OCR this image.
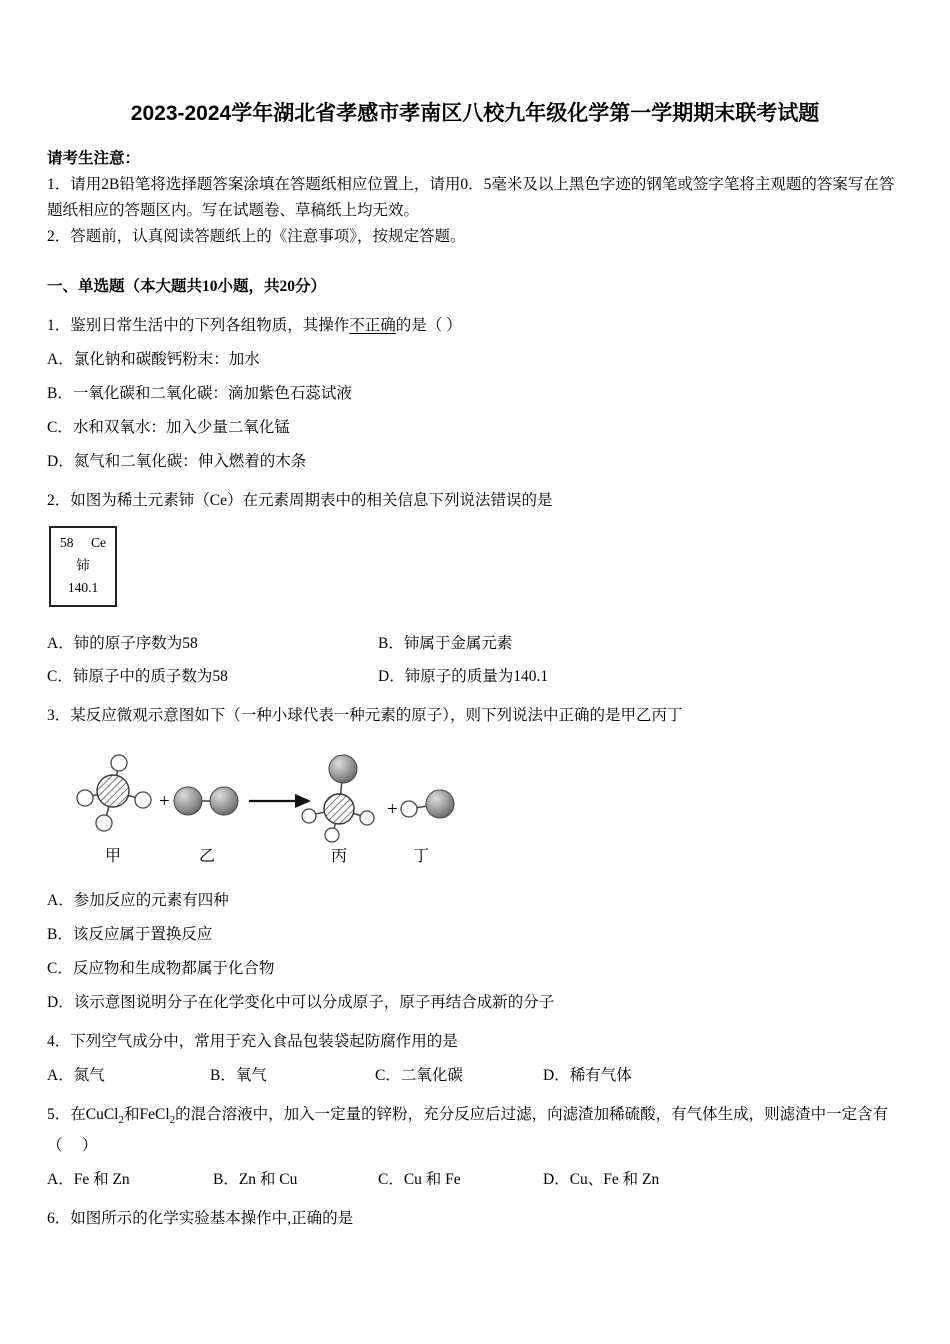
2023-2024学年湖北省孝感市孝南区八校九年级化学第一学期期末联考试题

请考生注意：

1．请用2B铅笔将选择题答案涂填在答题纸相应位置上，请用0．5毫米及以上黑色字迹的钢笔或签字笔将主观题的答案写在答题纸相应的答题区内。写在试题卷、草稿纸上均无效。

2．答题前，认真阅读答题纸上的《注意事项》，按规定答题。

一、单选题（本大题共10小题，共20分）

1．鉴别日常生活中的下列各组物质，其操作不正确的是（ ）

A．氯化钠和碳酸钙粉末：加水

B．一氧化碳和二氧化碳：滴加紫色石蕊试液

C．水和双氧水：加入少量二氧化锰

D．氮气和二氧化碳：伸入燃着的木条

2．如图为稀土元素铈（Ce）在元素周期表中的相关信息下列说法错误的是

58 Ce
铈
140.1
A．铈的原子序数为58	B．铈属于金属元素
C．铈原子中的质子数为58	D．铈原子的质量为140.1

3．某反应微观示意图如下（一种小球代表一种元素的原子），则下列说法中正确的是甲乙丙丁

+	+
甲	乙	丙	丁

A．参加反应的元素有四种

B．该反应属于置换反应

C．反应物和生成物都属于化合物

D．该示意图说明分子在化学变化中可以分成原子，原子再结合成新的分子

4．下列空气成分中，常用于充入食品包装袋起防腐作用的是

A．氮气	B．氧气	C．二氧化碳	D．稀有气体

5．在CuCl$_2$和FeCl$_2$的混合溶液中，加入一定量的锌粉，充分反应后过滤，向滤渣加稀硫酸，有气体生成，则滤渣中一定含有（　 ）

A．Fe 和 Zn	B．Zn 和 Cu	C．Cu 和 Fe	D．Cu、Fe 和 Zn

6．如图所示的化学实验基本操作中,正确的是
